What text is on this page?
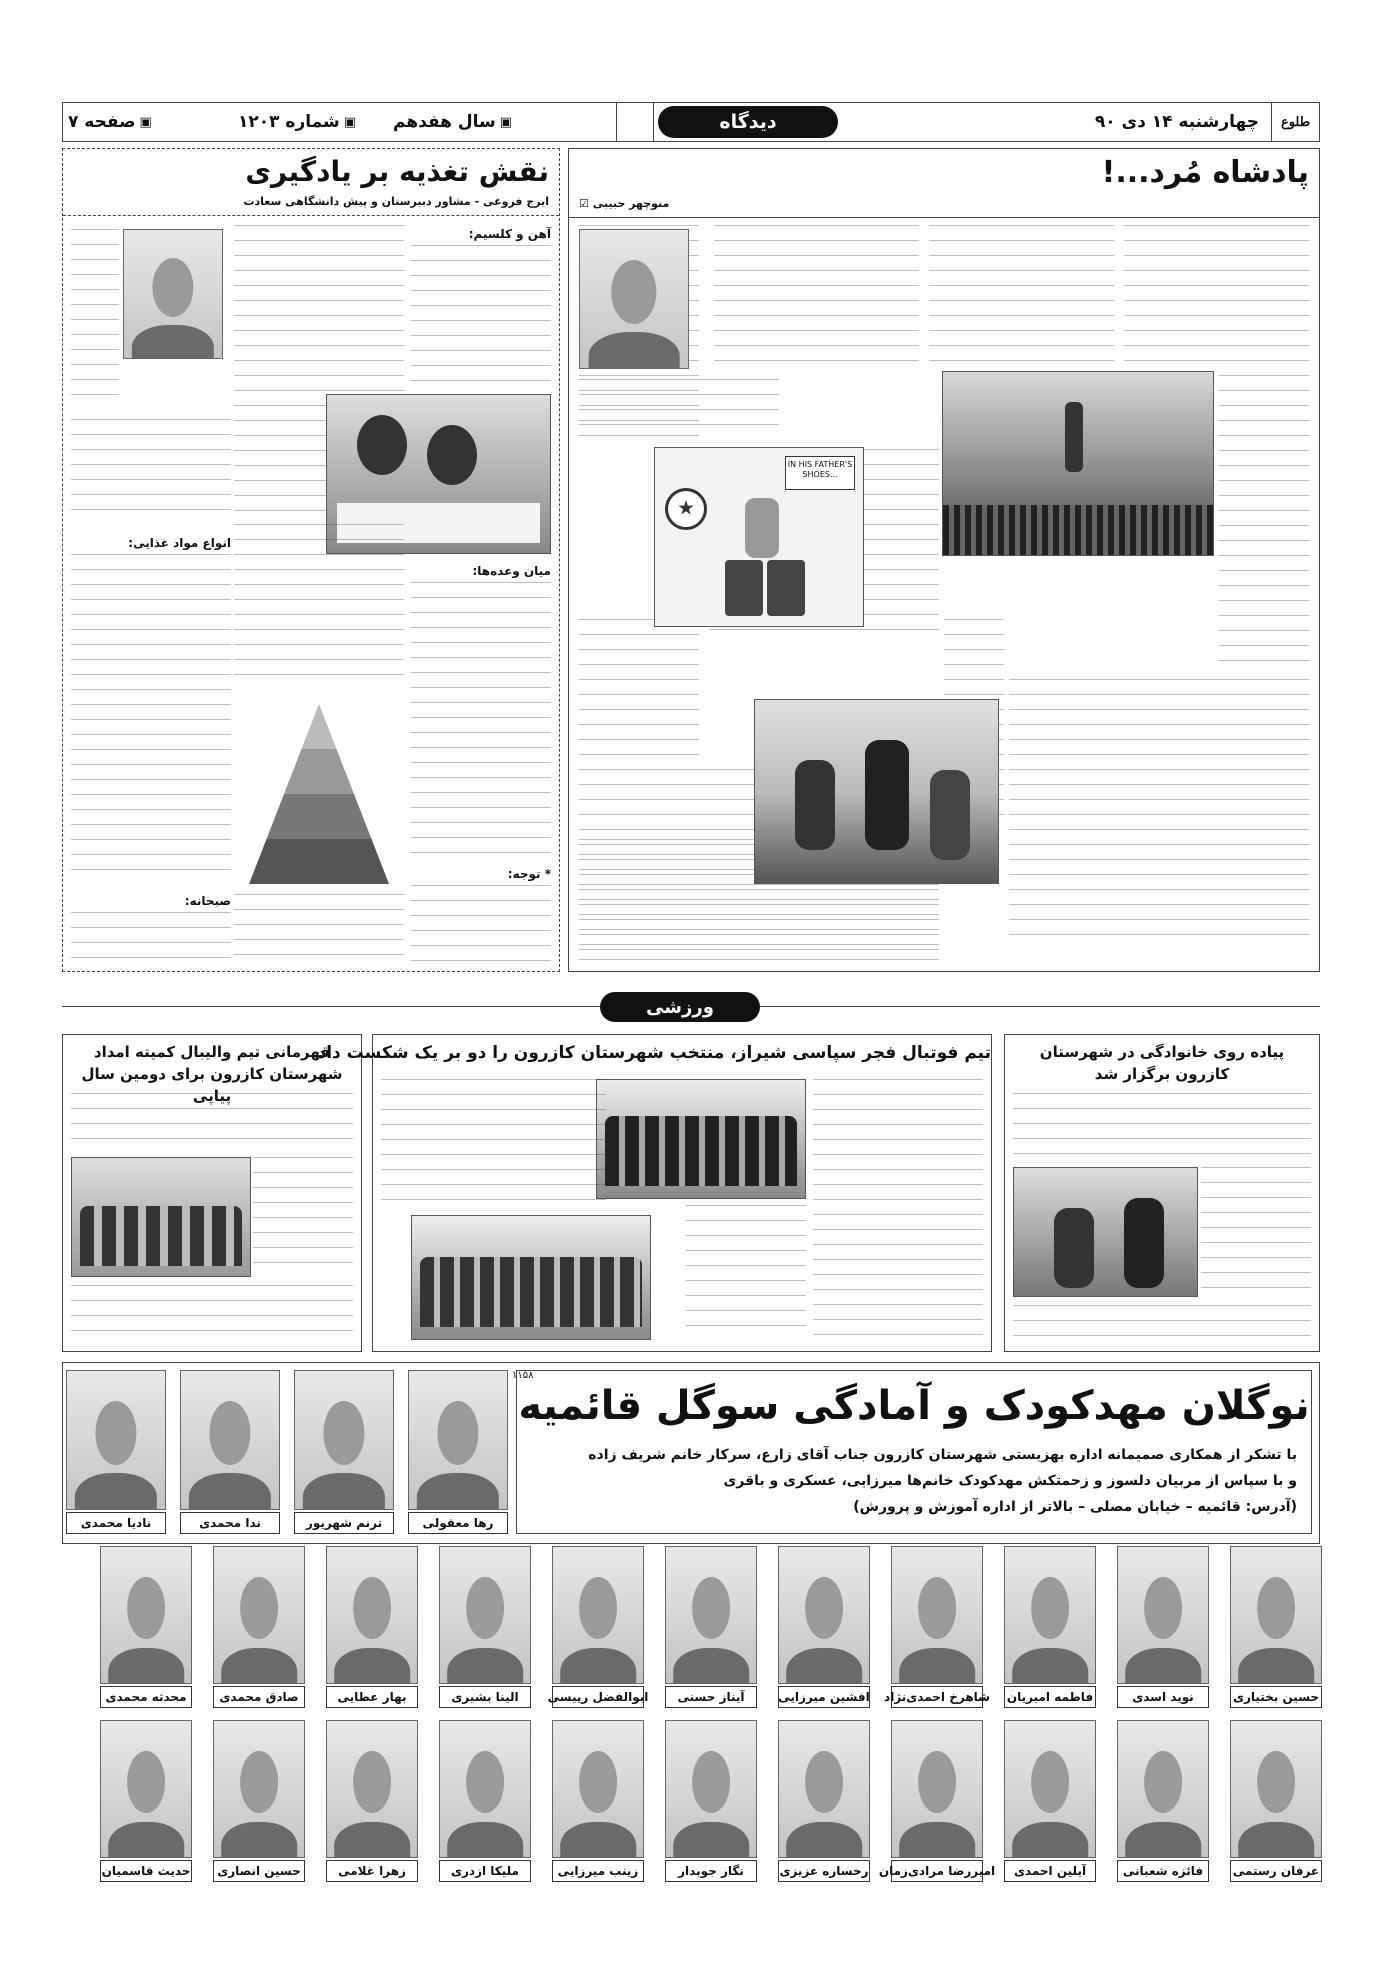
طلوع
چهارشنبه ۱۴ دی ۹۰
دیدگاه
▣
سال هفدهم
▣
شماره ۱۲۰۳
▣
صفحه ۷
پادشاه مُرد...!
منوچهر حبیبی ☑
IN HIS FATHER'S SHOES...
نقش تغذیه بر یادگیری
ایرج فروغی - مشاور دبیرستان و پیش دانشگاهی سعادت
آهن و کلسیم:
میان وعده‌ها:
انواع مواد غذایی:
* توجه:
صبحانه:
ورزشی
قهرمانی تیم والیبال کمیته امداد شهرستان کازرون برای دومین سال پیاپی
تیم فوتبال فجر سپاسی شیراز، منتخب شهرستان کازرون را دو بر یک شکست داد	پیاده روی خانوادگی در شهرستان کازرون برگزار شد
۱۱۵۸
نوگلان مهدکودک و آمادگی سوگل قائمیه
با تشکر از همکاری صمیمانه اداره بهزیستی شهرستان کازرون جناب آقای زارع، سرکار خانم شریف زاده
و با سپاس از مربیان دلسوز و زحمتکش مهدکودک خانم‌ها میرزایی، عسکری و باقری
(آدرس: قائمیه – خیابان مصلی – بالاتر از اداره آموزش و پرورش)
رها معقولی
ترنم شهریور
ندا محمدی
نادیا محمدی
حسین بختیاری
نوید اسدی
فاطمه امیریان
شاهرخ احمدی‌نژاد
افشین میرزایی
آیناز حسنی
ابوالفضل رییسی
الینا بشیری
بهار عطایی
صادق محمدی
محدثه محمدی
عرفان رستمی
فائزه شعبانی
آیلین احمدی
امیررضا مرادی‌زمان
رخساره عزیزی
نگار جوبدار
زینب میرزایی
ملیکا ازدری
زهرا غلامی
حسین انصاری
حدیث قاسمیان
